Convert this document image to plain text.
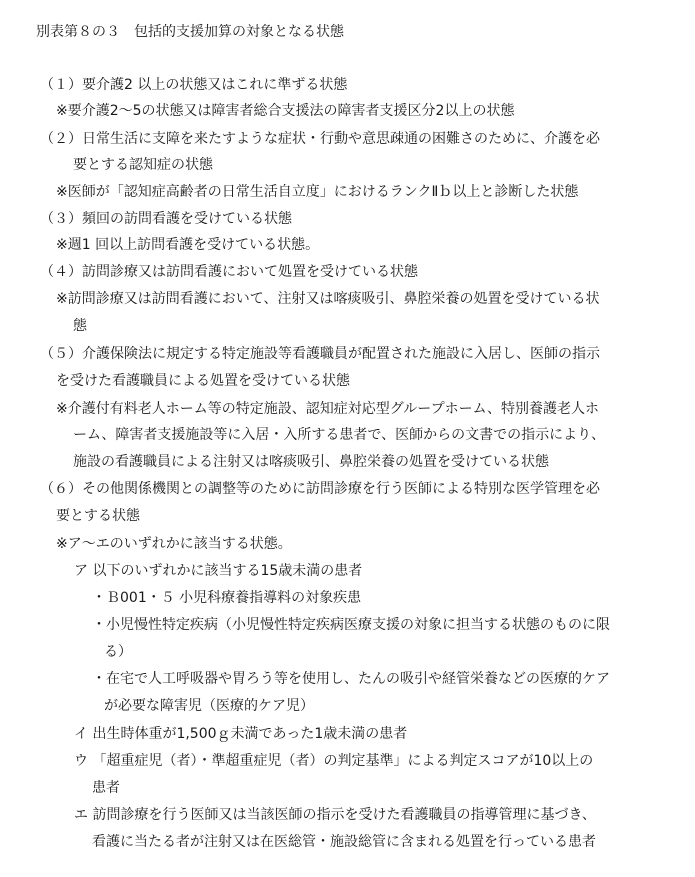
別表第８の３　包括的支援加算の対象となる状態
（１）要介護2 以上の状態又はこれに準ずる状態
※要介護2～5の状態又は障害者総合支援法の障害者支援区分2以上の状態
（２）日常生活に支障を来たすような症状・行動や意思疎通の困難さのために、介護を必
要とする認知症の状態
※医師が「認知症高齢者の日常生活自立度」におけるランクⅡｂ以上と診断した状態
（３）頻回の訪問看護を受けている状態
※週1 回以上訪問看護を受けている状態。
（４）訪問診療又は訪問看護において処置を受けている状態
※訪問診療又は訪問看護において、注射又は喀痰吸引、鼻腔栄養の処置を受けている状
態
（５）介護保険法に規定する特定施設等看護職員が配置された施設に入居し、医師の指示
を受けた看護職員による処置を受けている状態
※介護付有料老人ホーム等の特定施設、認知症対応型グループホーム、特別養護老人ホ
ーム、障害者支援施設等に入居・入所する患者で、医師からの文書での指示により、
施設の看護職員による注射又は喀痰吸引、鼻腔栄養の処置を受けている状態
（６）その他関係機関との調整等のために訪問診療を行う医師による特別な医学管理を必
要とする状態
※ア～エのいずれかに該当する状態。
ア 以下のいずれかに該当する15歳未満の患者
・Ｂ001・５ 小児科療養指導料の対象疾患
・小児慢性特定疾病（小児慢性特定疾病医療支援の対象に担当する状態のものに限
る）
・在宅で人工呼吸器や胃ろう等を使用し、たんの吸引や経管栄養などの医療的ケア
が必要な障害児（医療的ケア児）
イ 出生時体重が1,500ｇ未満であった1歳未満の患者
ウ 「超重症児（者）・準超重症児（者）の判定基準」による判定スコアが10以上の
患者
エ 訪問診療を行う医師又は当該医師の指示を受けた看護職員の指導管理に基づき、
看護に当たる者が注射又は在医総管・施設総管に含まれる処置を行っている患者
